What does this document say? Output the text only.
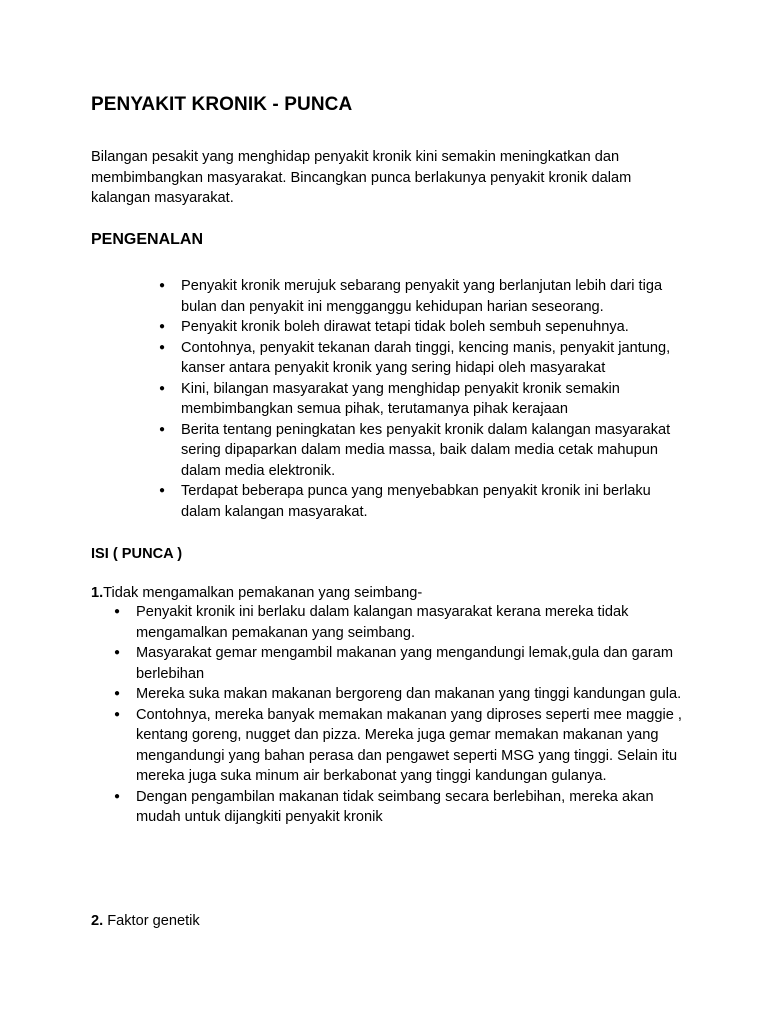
PENYAKIT KRONIK - PUNCA

Bilangan pesakit yang menghidap penyakit kronik kini semakin meningkatkan dan membimbangkan masyarakat. Bincangkan punca berlakunya penyakit kronik dalam kalangan masyarakat.

PENGENALAN
● Penyakit kronik merujuk sebarang penyakit yang berlanjutan lebih dari tiga bulan dan penyakit ini mengganggu kehidupan harian seseorang.
● Penyakit kronik boleh dirawat tetapi tidak boleh sembuh sepenuhnya.
● Contohnya, penyakit tekanan darah tinggi, kencing manis, penyakit jantung, kanser antara penyakit kronik yang sering hidapi oleh masyarakat
● Kini, bilangan masyarakat yang menghidap penyakit kronik semakin membimbangkan semua pihak, terutamanya pihak kerajaan
● Berita tentang peningkatan kes penyakit kronik dalam kalangan masyarakat sering dipaparkan dalam media massa, baik dalam media cetak mahupun dalam media elektronik.
● Terdapat beberapa punca yang menyebabkan penyakit kronik ini berlaku dalam kalangan masyarakat.
ISI ( PUNCA )

1.Tidak mengamalkan pemakanan yang seimbang-

● Penyakit kronik ini berlaku dalam kalangan masyarakat kerana mereka tidak mengamalkan pemakanan yang seimbang.
● Masyarakat gemar mengambil makanan yang mengandungi lemak,gula dan garam berlebihan
● Mereka suka makan makanan bergoreng dan makanan yang tinggi kandungan gula.
● Contohnya, mereka banyak memakan makanan yang diproses seperti mee maggie , kentang goreng, nugget dan pizza. Mereka juga gemar memakan makanan yang mengandungi yang bahan perasa dan pengawet seperti MSG yang tinggi. Selain itu mereka juga suka minum air berkabonat yang tinggi kandungan gulanya.
● Dengan pengambilan makanan tidak seimbang secara berlebihan, mereka akan mudah untuk dijangkiti penyakit kronik

2. Faktor genetik
